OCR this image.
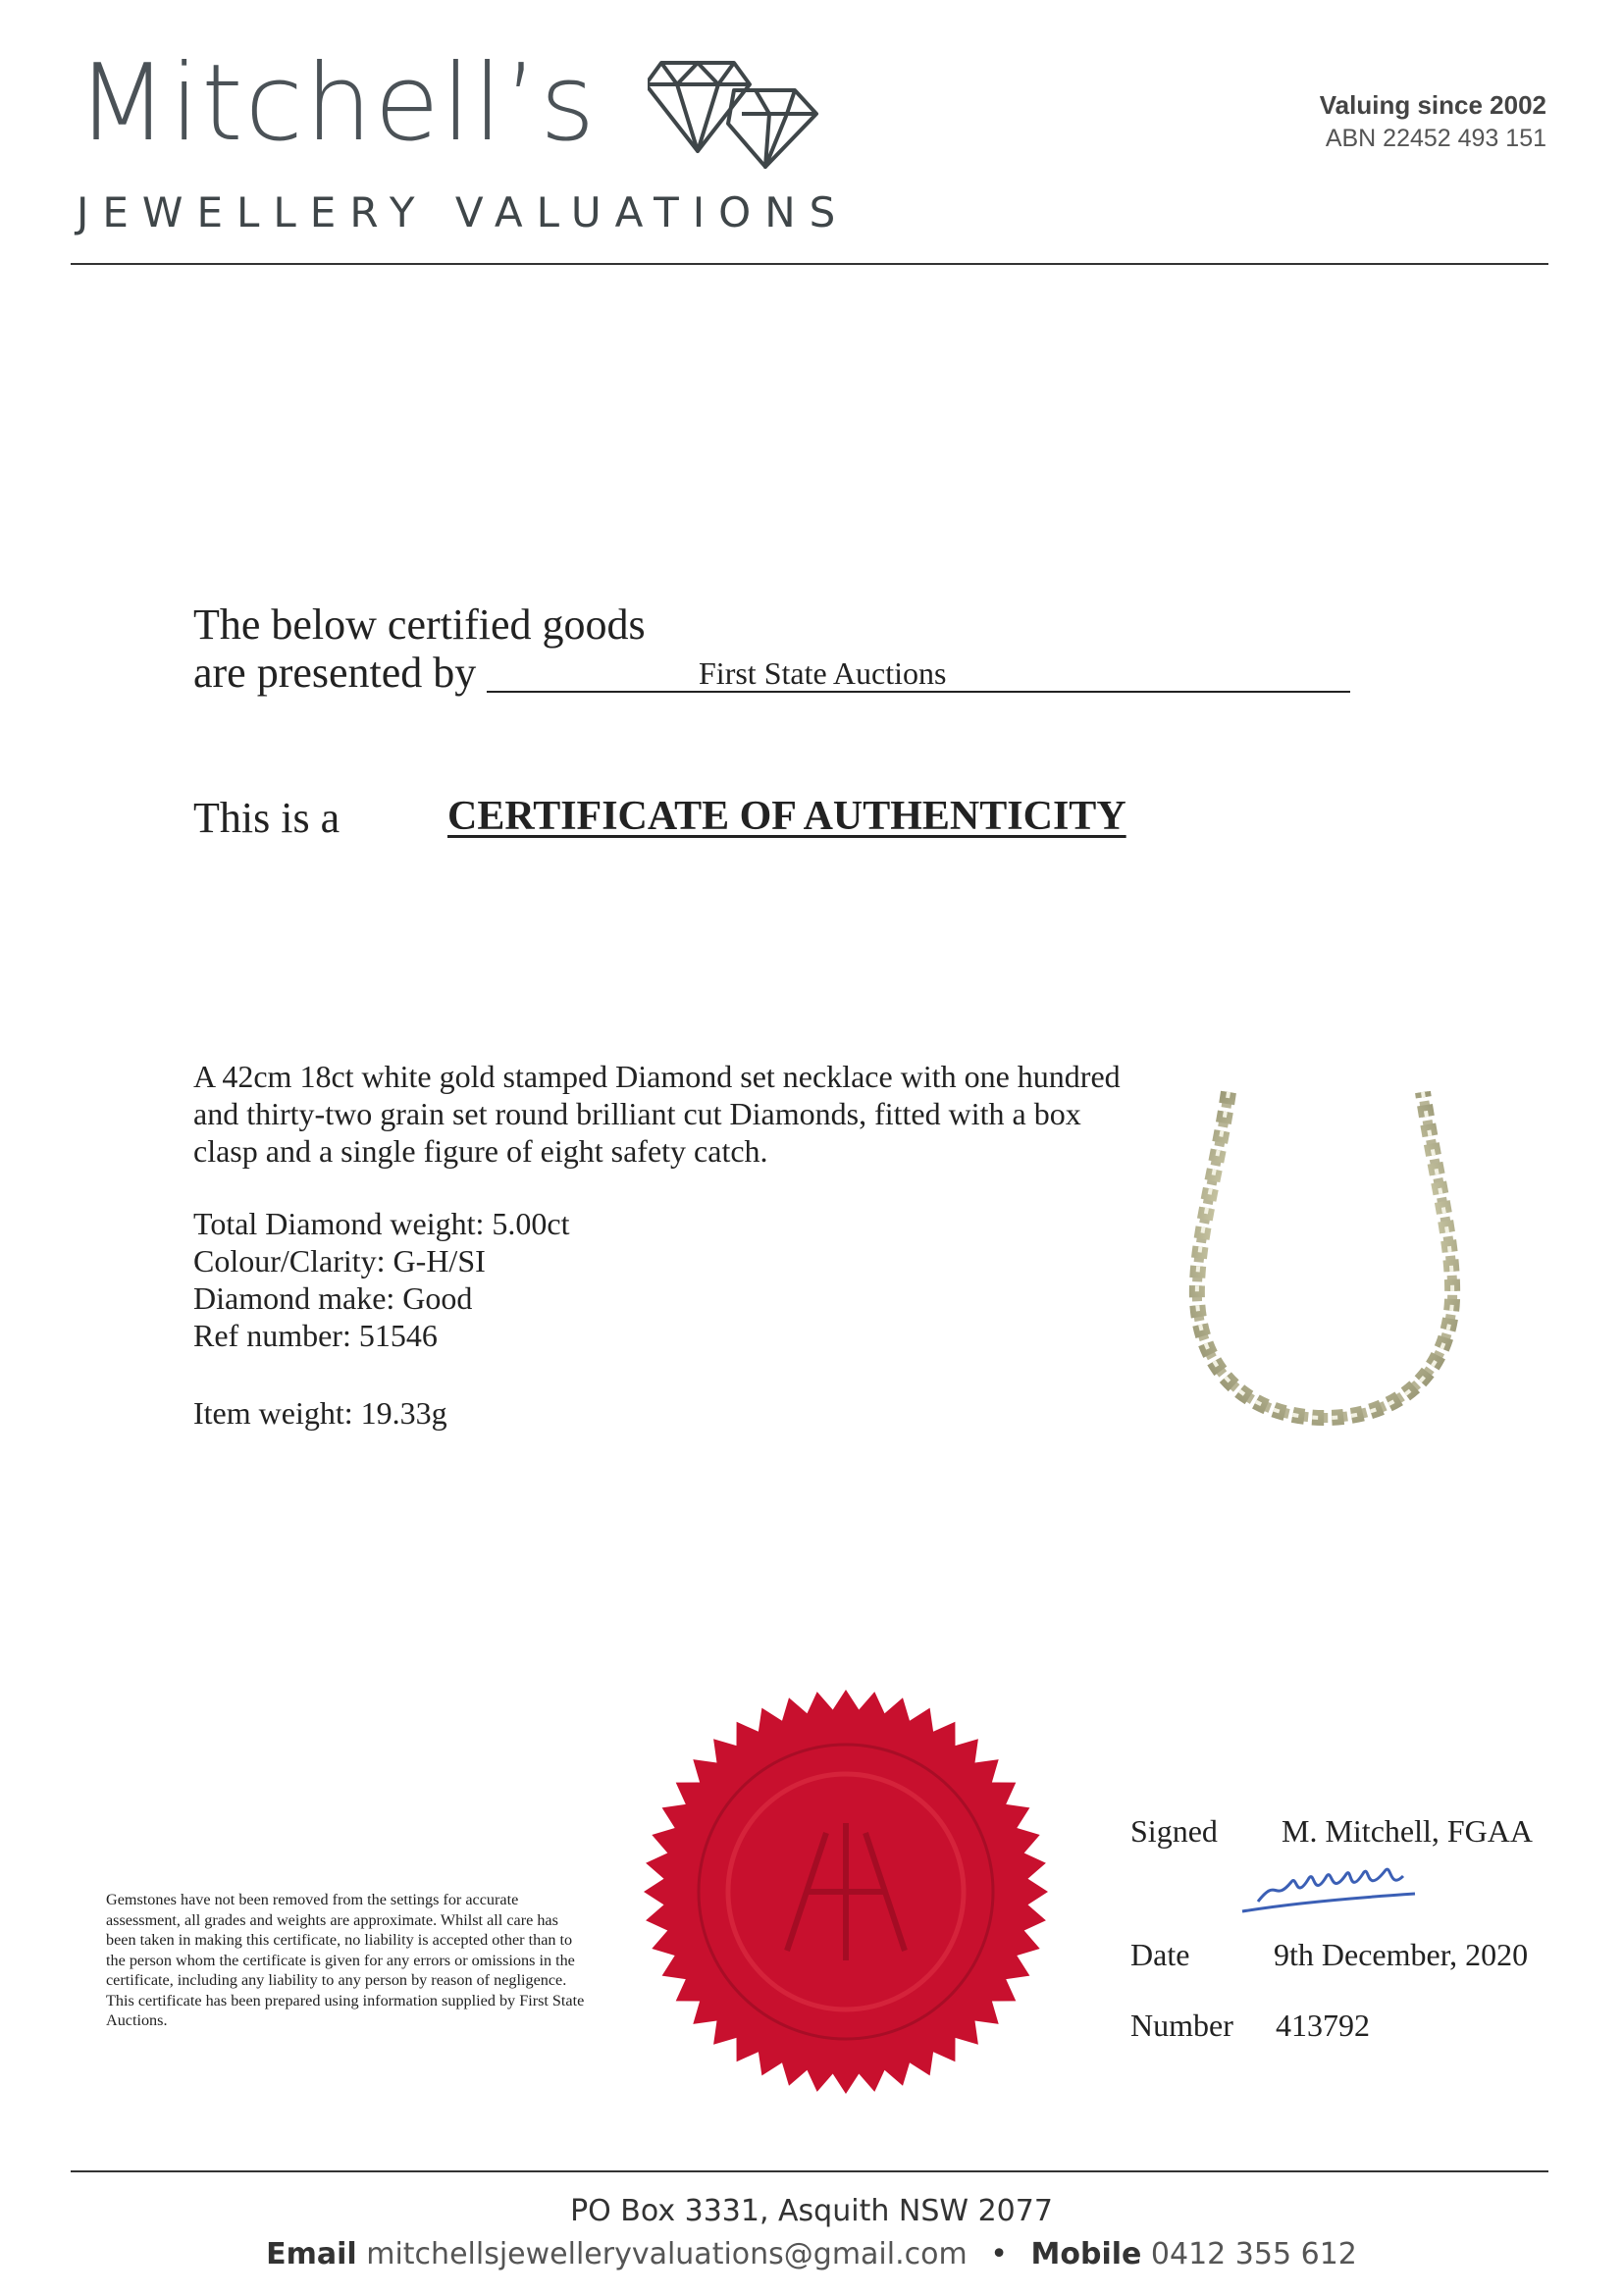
Mitchell’s
JEWELLERY VALUATIONS
Valuing since 2002
ABN 22452 493 151
The below certified goods
are presented by	First State Auctions
This is a	CERTIFICATE OF AUTHENTICITY
A 42cm 18ct white gold stamped Diamond set necklace with one hundred and thirty-two grain set round brilliant cut Diamonds, fitted with a box clasp and a single figure of eight safety catch.
Total Diamond weight: 5.00ct
Colour/Clarity: G-H/SI
Diamond make: Good
Ref number: 51546
Item weight: 19.33g
Gemstones have not been removed from the settings for accurate assessment, all grades and weights are approximate. Whilst all care has been taken in making this certificate, no liability is accepted other than to the person whom the certificate is given for any errors or omissions in the certificate, including any liability to any person by reason of negligence. This certificate has been prepared using information supplied by First State Auctions.
Signed M. Mitchell, FGAA
Date	9th December, 2020
Number 413792
PO Box 3331, Asquith NSW 2077
Email mitchellsjewelleryvaluations@gmail.com • Mobile 0412 355 612
